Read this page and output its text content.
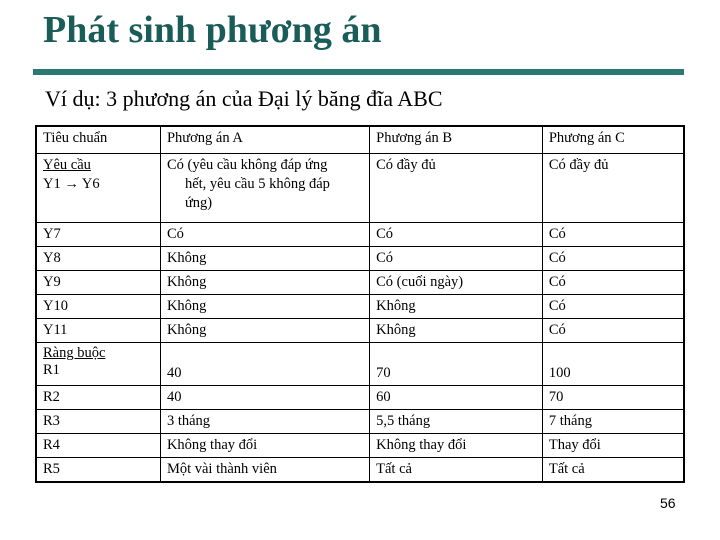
Phát sinh phương án
Ví dụ: 3 phương án của Đại lý băng đĩa ABC
Tiêu chuẩn	Phương án A	Phương án B	Phương án C

Yêu cầu
Y1 → Y6	Có (yêu cầu không đáp ứng
hết, yêu cầu 5 không đáp
ứng)	Có đầy đủ	Có đầy đủ
Y7	Có	Có	Có
Y8	Không	Có	Có
Y9	Không	Có (cuối ngày)	Có
Y10	Không	Không	Có
Y11	Không	Không	Có

Ràng buộc
R1	40	70	100
R2	40	60	70
R3	3 tháng	5,5 tháng	7 tháng
R4	Không thay đổi	Không thay đổi	Thay đổi
R5	Một vài thành viên	Tất cả	Tất cả
56
